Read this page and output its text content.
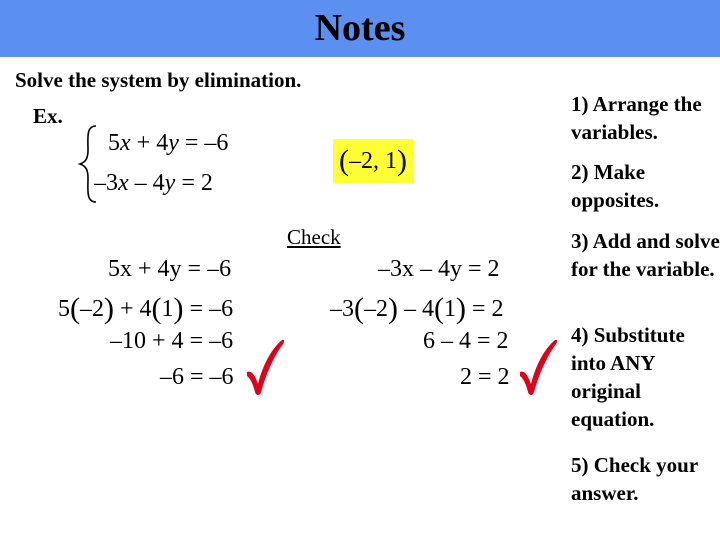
Notes
Solve the system by elimination.
Ex.
5x + 4y = –6
–3x – 4y = 2
(–2, 1)
Check
5x + 4y = –6
5(–2) + 4(1) = –6
–10 + 4 = –6
–6 = –6
–3x – 4y = 2
–3(–2) – 4(1) = 2
6 – 4 = 2
2 = 2
1) Arrange the variables.
2) Make opposites.
3) Add and solve for the variable.
4) Substitute into ANY original equation.
5) Check your answer.
